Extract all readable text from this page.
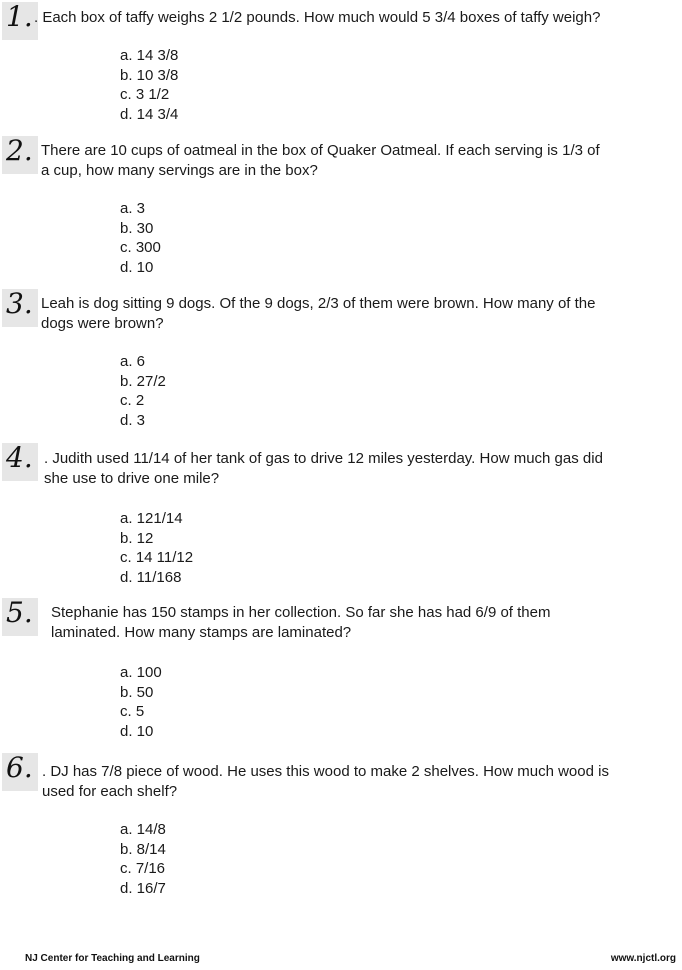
1. . Each box of taffy weighs 2 1/2 pounds. How much would 5 3/4 boxes of taffy weigh?
a. 14 3/8
b. 10 3/8
c. 3 1/2
d. 14 3/4
2. There are 10 cups of oatmeal in the box of Quaker Oatmeal. If each serving is 1/3 of
a cup, how many servings are in the box?
a. 3
b. 30
c. 300
d. 10
3. Leah is dog sitting 9 dogs. Of the 9 dogs, 2/3 of them were brown. How many of the
dogs were brown?
a. 6
b. 27/2
c. 2
d. 3
4. . Judith used 11/14 of her tank of gas to drive 12 miles yesterday. How much gas did
she use to drive one mile?
a. 121/14
b. 12
c. 14 11/12
d. 11/168
5. Stephanie has 150 stamps in her collection. So far she has had 6/9 of them
laminated. How many stamps are laminated?
a. 100
b. 50
c. 5
d. 10
6. . DJ has 7/8 piece of wood. He uses this wood to make 2 shelves. How much wood is
used for each shelf?
a. 14/8
b. 8/14
c. 7/16
d. 16/7
NJ Center for Teaching and Learning	www.njctl.org
